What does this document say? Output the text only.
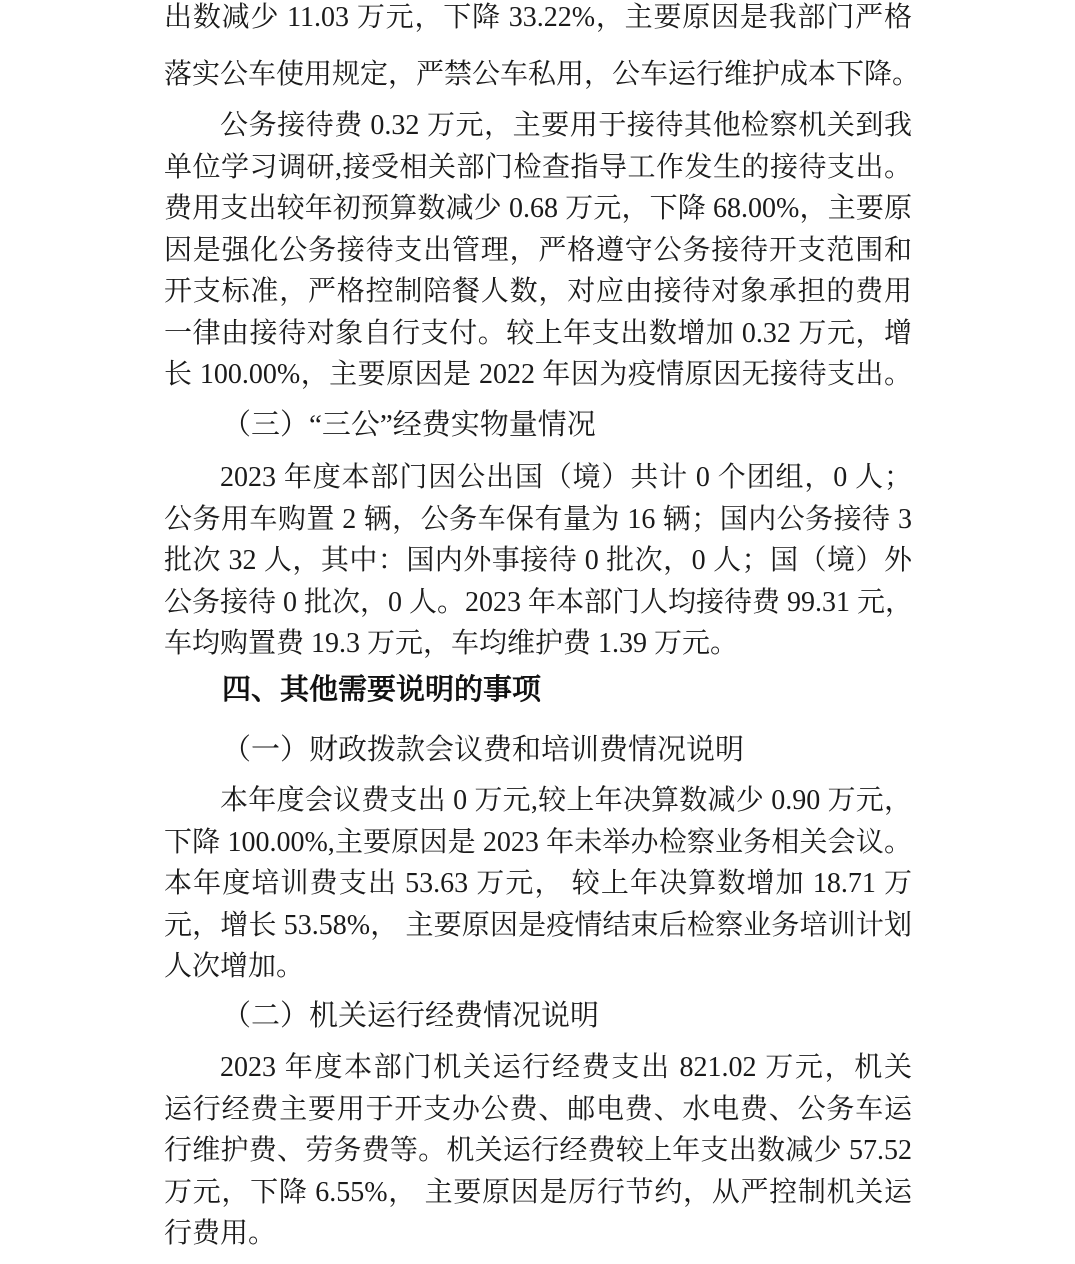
出数减少 11.03 万元，下降 33.22%，主要原因是我部门严格
落实公车使用规定，严禁公车私用，公车运行维护成本下降。
公务接待费 0.32 万元，主要用于接待其他检察机关到我
单位学习调研,接受相关部门检查指导工作发生的接待支出。
费用支出较年初预算数减少 0.68 万元，下降 68.00%，主要原
因是强化公务接待支出管理，严格遵守公务接待开支范围和
开支标准，严格控制陪餐人数，对应由接待对象承担的费用
一律由接待对象自行支付。较上年支出数增加 0.32 万元，增
长 100.00%，主要原因是 2022 年因为疫情原因无接待支出。
（三）“三公”经费实物量情况
2023 年度本部门因公出国（境）共计 0 个团组，0 人；
公务用车购置 2 辆，公务车保有量为 16 辆；国内公务接待 3
批次 32 人，其中：国内外事接待 0 批次，0 人；国（境）外
公务接待 0 批次，0 人。2023 年本部门人均接待费 99.31 元，
车均购置费 19.3 万元，车均维护费 1.39 万元。
四、其他需要说明的事项
（一）财政拨款会议费和培训费情况说明
本年度会议费支出 0 万元,较上年决算数减少 0.90 万元，
下降 100.00%,主要原因是 2023 年未举办检察业务相关会议。
本年度培训费支出 53.63 万元， 较上年决算数增加 18.71 万
元，增长 53.58%， 主要原因是疫情结束后检察业务培训计划
人次增加。
（二）机关运行经费情况说明
2023 年度本部门机关运行经费支出 821.02 万元，机关
运行经费主要用于开支办公费、邮电费、水电费、公务车运
行维护费、劳务费等。机关运行经费较上年支出数减少 57.52
万元，下降 6.55%， 主要原因是厉行节约，从严控制机关运
行费用。
